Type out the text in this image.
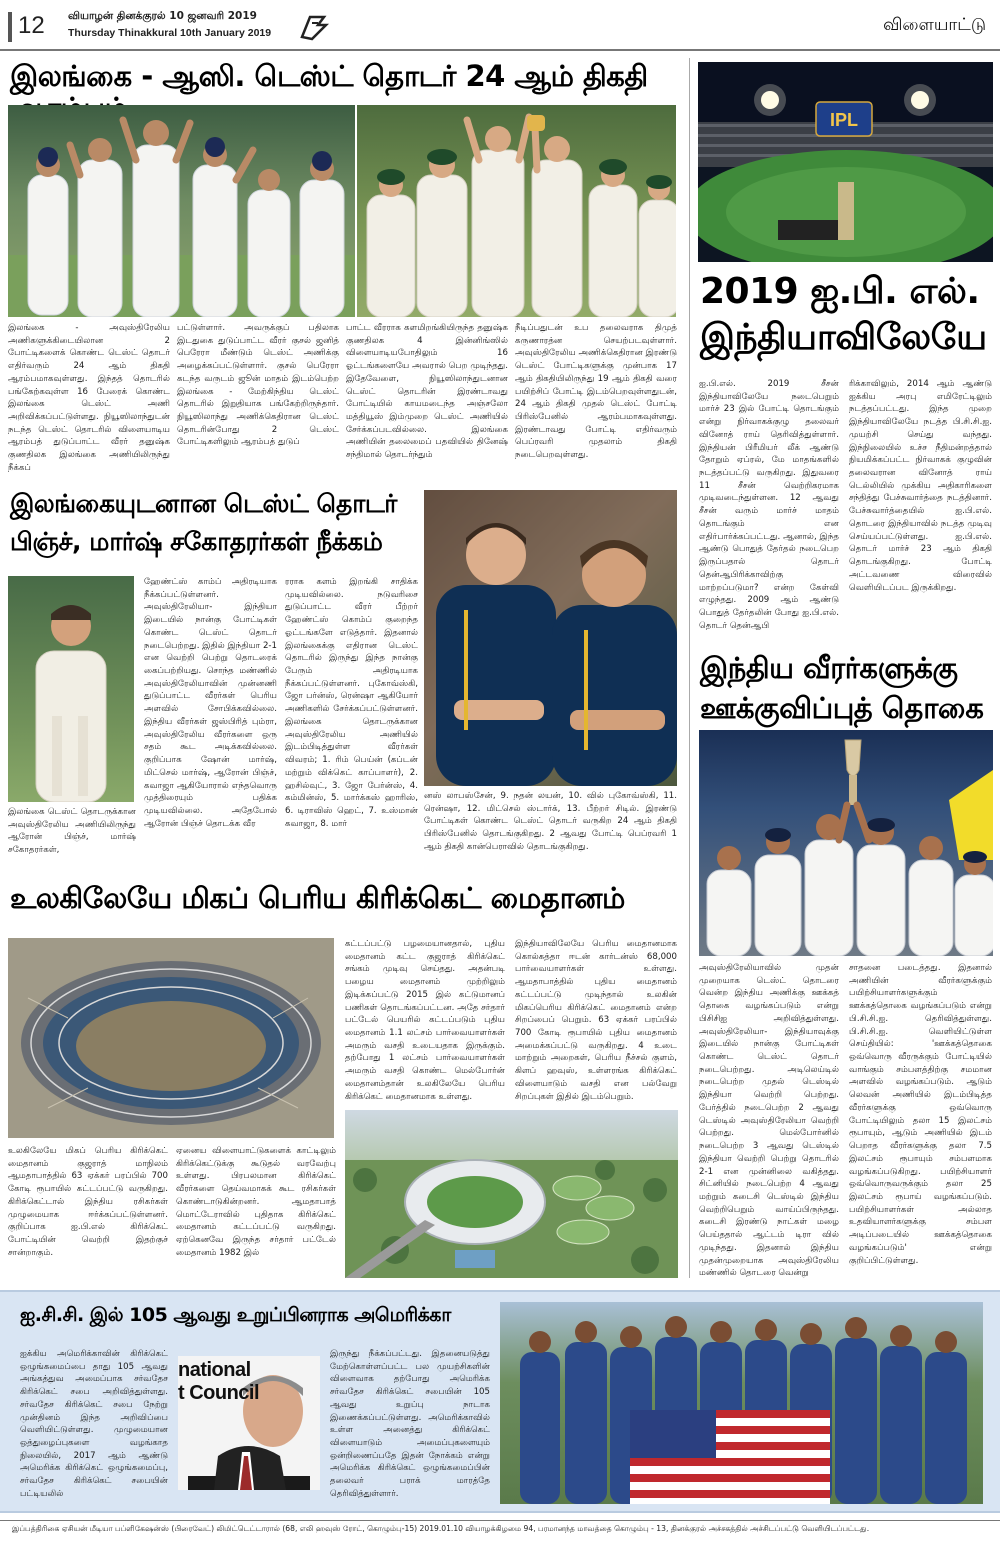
12 வியாழன் தினக்குரல் 10 ஜனவரி 2019
Thursday Thinakkural 10th January 2019	விளையாட்டு
இலங்கை - ஆஸி. டெஸ்ட் தொடர் 24 ஆம் திகதி
இலங்கை - அவுஸ்திரேலிய அணிகளுக்கிடையிலான 2 போட்டிகளைக் கொண்ட டெஸ்ட் தொடர் எதிர்வரும் 24 ஆம் திகதி ஆரம்பமாகவுள்ளது. இந்தத் தொடரில் பங்கேற்கவுள்ள 16 பேரைக் கொண்ட இலங்கை டெஸ்ட் அணி அறிவிக்கப்பட்டுள்ளது. நியூஸிலாந்துடன் நடந்த டெஸ்ட் தொடரில் விளையாடிய ஆரம்பத் துடுப்பாட்ட வீரர் தனுஷ்க குணதிலக இலங்கை அணியிலிருந்து நீக்கப்
பட்டுள்ளார். அவருக்குப் பதிலாக இடதுகை துடுப்பாட்ட வீரர் குசல் ஜனித் பெரேரா மீண்டும் டெஸ்ட் அணிக்கு அழைக்கப்பட்டுள்ளார். குசல் பெரேரா கடந்த வருடம் ஜூன் மாதம் இடம்பெற்ற இலங்கை - மேற்கிந்திய டெஸ்ட் தொடரில் இறுதியாக பங்கேற்றிருந்தார். நியூஸிலாந்து அணிக்கெதிரான டெஸ்ட் தொடரின்போது 2 டெஸ்ட் போட்டிகளிலும் ஆரம்பத் துடுப்
பாட்ட வீரராக களமிறங்கியிருந்த தனுஷ்க குணதிலக 4 இன்னிங்ஸில் விளையாடியபோதிலும் 16 ஓட்டங்களையே அவரால் பெற முடிந்தது. இதேவேளை, நியூஸிலாந்துடனான டெஸ்ட் தொடரின் இரண்டாவது போட்டியில் காயமடைந்த அஞ்சலோ மத்தியூஸ் இம்முறை டெஸ்ட் அணியில் சேர்க்கப்படவில்லை. இலங்கை அணியின் தலைமைப் பதவியில் தினேஷ் சந்திமால் தொடர்ந்தும்
நீடிப்பதுடன் உப தலைவராக திமுத் கருணாரத்ன செயற்படவுள்ளார். அவுஸ்திரேலிய அணிக்கெதிரான இரண்டு டெஸ்ட் போட்டிகளுக்கு முன்பாக 17 ஆம் திகதியிலிருந்து 19 ஆம் திகதி வரை பயிற்சிப் போட்டி இடம்பெறவுள்ளதுடன், 24 ஆம் திகதி முதல் டெஸ்ட் போட்டி பிரிஸ்பேனில் ஆரம்பமாகவுள்ளது. இரண்டாவது போட்டி எதிர்வரும் பெப்ரவரி முதலாம் திகதி நடைபெறவுள்ளது.
IPL
2019 ஐ.பி. எல்.
இந்தியாவிலேயே
ஐ.பி.எல். 2019 சீசன் இந்தியாவிலேயே நடைபெறும் மார்ச் 23 இல் போட்டி தொடங்கும் என்று நிர்வாகக்குழு தலைவர் வினோத் ராய் தெரிவித்துள்ளார். இந்தியன் பிரீமியர் லீக் ஆண்டு தோறும் ஏப்ரல், மே மாதங்களில் நடத்தப்பட்டு வருகிறது. இதுவரை 11 சீசன் வெற்றிகரமாக முடிவடைந்துள்ளன. 12 ஆவது சீசன் வரும் மார்ச் மாதம் தொடங்கும் என எதிர்பார்க்கப்பட்டது. ஆனால், இந்த ஆண்டு பொதுத் தேர்தல் நடைபெற இருப்பதால் தொடர் தென்ஆபிரிக்காவிற்கு மாற்றப்படுமா? என்ற கேள்வி எழுந்தது. 2009 ஆம் ஆண்டு பொதுத் தேர்தலின் போது ஐ.பி.எல். தொடர் தென்ஆபி
ரிக்காவிலும், 2014 ஆம் ஆண்டு ஐக்கிய அரபு எமிரேட்டிலும் நடத்தப்பட்டது. இந்த முறை இந்தியாவிலேயே நடத்த பி.சி.சி.ஐ. முயற்சி செய்து வந்தது. இந்நிலையில் உச்ச நீதிமன்றத்தால் நியமிக்கப்பட்ட நிர்வாகக் குழுவின் தலைவரான வினோத் ராய் டெல்லியில் முக்கிய அதிகாரிகளை சந்தித்து பேச்சுவார்த்தை நடத்தினார். பேச்சுவார்த்தையில் ஐ.பி.எல். தொடரை இந்தியாவில் நடத்த முடிவு செய்யப்பட்டுள்ளது. ஐ.பி.எல். தொடர் மார்ச் 23 ஆம் திகதி தொடங்குகிறது. போட்டி அட்டவணை விரைவில் வெளியிடப்பட இருக்கிறது.
இலங்கையுடனான டெஸ்ட் தொடர்
பிஞ்ச், மார்ஷ் சகோதரர்கள் நீக்கம்
இலங்கை டெஸ்ட் தொடருக்கான அவுஸ்திரேலிய அணியிலிருந்து ஆரோன் பிஞ்ச், மார்ஷ் சகோதரர்கள்,
ஹேண்ட்ஸ் காம்ப் அதிரடியாக நீக்கப்பட்டுள்ளனர். அவுஸ்திரேலியா- இந்தியா இடையில் நான்கு போட்டிகள் கொண்ட டெஸ்ட் தொடர் நடைபெற்றது. இதில் இந்தியா 2-1 என வெற்றி பெற்று தொடரைக் கைப்பற்றியது. சொந்த மண்ணில் அவுஸ்திரேலியாவின் முன்னணி துடுப்பாட்ட வீரர்கள் பெரிய அளவில் சோபிக்கவில்லை. இந்திய வீரர்கள் ஜஸ்பிரித் பும்ரா, அவுஸ்திரேலிய வீரர்களை ஒரு சதம் கூட அடிக்கவில்லை. குறிப்பாக ஷோன் மார்ஷ், மிட்செல் மார்ஷ், ஆரோன் பிஞ்ச், கவாஜா ஆகியோரால் எந்தவொரு முத்திரையும் பதிக்க முடியவில்லை. அதேபோல் ஆரோன் பிஞ்ச் தொடக்க வீர
ரராக களம் இறங்கி சாதிக்க முடியவில்லை. நடுவரிசை துடுப்பாட்ட வீரர் பீற்றர் ஹேண்ட்ஸ் கொம்ப் குறைந்த ஓட்டங்களே எடுத்தார். இதனால் இலங்கைக்கு எதிரான டெஸ்ட் தொடரில் இருந்து இந்த நான்கு பேரும் அதிரடியாக நீக்கப்பட்டுள்ளனர். புகோவ்ஸ்கி, ஜோ பர்ன்ஸ், ரென்ஷா ஆகியோர் அணிகளில் சேர்க்கப்பட்டுள்ளனர். இலங்கை தொடருக்கான அவுஸ்திரேலிய அணியில் இடம்பிடித்துள்ள வீரர்கள் விவரம்; 1. ரிம் பெய்ன் (கப்டன் மற்றும் விக்கெட் காப்பாளர்), 2. ஹசில்வுட், 3. ஜோ பேர்ன்ஸ், 4. கம்மின்ஸ், 5. மார்க்கஸ் ஹாரிஸ், 6. டிராவிஸ் ஹெட், 7. உஸ்மான் கவாஜா, 8. மார்
னஸ் லாபஸ்சேன், 9. நதன் லயன், 10. வில் புகோவ்ஸ்கி, 11. ரென்ஷா, 12. மிட்செல் ஸ்டார்க், 13. பீற்றர் சிடில். இரண்டு போட்டிகள் கொண்ட டெஸ்ட் தொடர் வருகிற 24 ஆம் திகதி பிரிஸ்பேனில் தொடங்குகிறது. 2 ஆவது போட்டி பெப்ரவரி 1 ஆம் திகதி கான்பெராவில் தொடங்குகிறது.
இந்திய வீரர்களுக்கு
ஊக்குவிப்புத் தொகை
அவுஸ்திரேலியாவில் முதன் முறையாக டெஸ்ட் தொடரை வென்ற இந்திய அணிக்கு ஊக்கத் தொகை வழங்கப்படும் என்று பிசிசிஐ அறிவித்துள்ளது. அவுஸ்திரேலியா- இந்தியாவுக்கு இடையில் நான்கு போட்டிகள் கொண்ட டெஸ்ட் தொடர் நடைபெற்றது. அடிலெய்டில் நடைபெற்ற முதல் டெஸ்டில் இந்தியா வெற்றி பெற்றது. பேர்த்தில் நடைபெற்ற 2 ஆவது டெஸ்டில் அவுஸ்திரேலியா வெற்றி பெற்றது. மெல்போர்னில் நடைபெற்ற 3 ஆவது டெஸ்டில் இந்தியா வெற்றி பெற்று தொடரில் 2-1 என முன்னிலை வகித்தது. சிட்னியில் நடைபெற்ற 4 ஆவது மற்றும் கடைசி டெஸ்டில் இந்திய வெற்றிபெறும் வாய்ப்பிருந்தது. கடைசி இரண்டு நாட்கள் மழை பெய்ததால் ஆட்டம் டிரா வில் முடிந்தது. இதனால் இந்திய முதன்முறையாக அவுஸ்திரேலிய மண்ணில் தொடரை வென்று
சாதனை படைத்தது. இதனால் அணியின் வீரர்களுக்கும் பயிற்சியாளர்களுக்கும் ஊக்கத்தொகை வழங்கப்படும் என்று பி.சி.சி.ஐ. தெரிவித்துள்ளது. பி.சி.சி.ஐ. வெளியிட்டுள்ள செய்தியில்: 'ஊக்கத்தொகை ஒவ்வொரு வீரருக்கும் போட்டியில் வாங்கும் சம்பளத்திற்கு சமமான அளவில் வழங்கப்படும். ஆடும் லெவன் அணியில் இடம்பிடித்த வீரர்களுக்கு ஒவ்வொரு போட்டியிலும் தலா 15 இலட்சம் ரூபாயும், ஆடும் அணியில் இடம் பெறாத வீரர்களுக்கு தலா 7.5 இலட்சம் ரூபாயும் சம்பளமாக வழங்கப்படுகிறது. பயிற்சியாளர் ஒவ்வொருவருக்கும் தலா 25 இலட்சம் ரூபாய் வழங்கப்படும். பயிற்சியாளர்கள் அல்லாத உதவியாளர்களுக்கு சம்பள அடிப்படையில் ஊக்கத்தொகை வழங்கப்படும்' என்று குறிப்பிட்டுள்ளது.
உலகிலேயே மிகப் பெரிய கிரிக்கெட் மைதானம்
உலகிலேயே மிகப் பெரிய கிரிக்கெட் மைதானம் குஜராத் மாநிலம் ஆமதாபாத்தில் 63 ஏக்கர் பரப்பில் 700 கோடி ரூபாயில் கட்டப்பட்டு வருகிறது. கிரிக்கெட்டால் இந்திய ரசிகர்கள் முழுமையாக ஈர்க்கப்பட்டுள்ளனர். குறிப்பாக ஐ.பி.எல் கிரிக்கெட் போட்டியின் வெற்றி இதற்குச் சான்றாகும்.
ஏனைய விளையாட்டுகளைக் காட்டிலும் கிரிக்கெட்டுக்கு கூடுதல் வரவேற்பு உள்ளது. பிரபலமான கிரிக்கெட் வீரர்களை தெய்வமாகக் கூட ரசிகர்கள் கொண்டாடுகின்றனர். ஆமதாபாத் மொட்டேராவில் புதிதாக கிரிக்கெட் மைதானம் கட்டப்பட்டு வருகிறது. ஏற்கெனவே இருந்த சர்தார் பட்டேல் மைதானம் 1982 இல்
கட்டப்பட்டு பழமையானதால், புதிய மைதானம் கட்ட குஜராத் கிரிக்கெட் சங்கம் முடிவு செய்தது. அதன்படி பழைய மைதானம் முற்றிலும் இடிக்கப்பட்டு 2015 இல் கட்டுமானப் பணிகள் தொடங்கப்பட்டன. அதே சர்தார் பட்டேல் பெயரில் கட்டப்படும் புதிய மைதானம் 1.1 லட்சம் பார்வையாளர்கள் அமரும் வசதி உடையதாக இருக்கும். தற்போது 1 லட்சம் பார்வையாளர்கள் அமரும் வசதி கொண்ட மெல்போர்ன் மைதானம்தான் உலகிலேயே பெரிய கிரிக்கெட் மைதானமாக உள்ளது.
இந்தியாவிலேயே பெரிய மைதானமாக கொல்கத்தா ஈடன் கார்டன்ஸ் 68,000 பார்வையாளர்கள் உள்ளது. ஆமதாபாத்தில் புதிய மைதானம் கட்டப்பட்டு முடிந்தால் உலகின் மிகப்பெரிய கிரிக்கெட் மைதானம் என்ற சிறப்பைப் பெறும். 63 ஏக்கர் பரப்பில் 700 கோடி ரூபாயில் புதிய மைதானம் அமைக்கப்பட்டு வருகிறது. 4 உடை மாற்றும் அறைகள், பெரிய நீச்சல் குளம், கிளப் ஹவுஸ், உள்ளரங்க கிரிக்கெட் விளையாடும் வசதி என பல்வேறு சிறப்புகள் இதில் இடம்பெறும்.
ஐ.சி.சி. இல் 105 ஆவது உறுப்பினராக அமெரிக்கா
ஐக்கிய அமெரிக்காவின் கிரிக்கெட் ஒழுங்கமைப்பை தாது 105 ஆவது அங்கத்துவ அமைப்பாக சர்வதேச கிரிக்கெட் சபை அறிவித்துள்ளது. சர்வதேச கிரிக்கெட் சபை நேற்று முன்தினம் இந்த அறிவிப்பை வெளியிட்டுள்ளது. முழுமையான ஒத்துழைப்புகளை வழங்காத நிலையில், 2017 ஆம் ஆண்டு அமெரிக்க கிரிக்கெட் ஒழுங்கமைப்பு, சர்வதேச கிரிக்கெட் சபையின் பட்டியலில்
national
t Council
இருந்து நீக்கப்பட்டது. இதனையடுத்து மேற்கொள்ளப்பட்ட பல முயற்சிகளின் விளைவாக தற்போது அமெரிக்க சர்வதேச கிரிக்கெட் சபையின் 105 ஆவது உறுப்பு நாடாக இணைக்கப்பட்டுள்ளது. அமெரிக்காவில் உள்ள அனைத்து கிரிக்கெட் விளையாடும் அமைப்புகளையும் ஒன்றிணைப்பதே இதன் நோக்கம் என்று அமெரிக்க கிரிக்கெட் ஒழுங்கமைப்பின் தலைவர் பராக் மாரத்தே தெரிவித்துள்ளார்.
இப்பத்திரிகை ஏசியன் மீடியா பப்ளிகேஷன்ஸ் (பிரைவேட்) லிமிட்டெட்டாரால் (68, எலி ஹவுஸ் ரோட், கொழும்பு-15) 2019.01.10 வியாழக்கிழமை 94, பரமானந்த மாவத்தை கொழும்பு - 13, தினக்குரல் அச்சகத்தில் அச்சிடப்பட்டு வெளியிடப்பட்டது.
